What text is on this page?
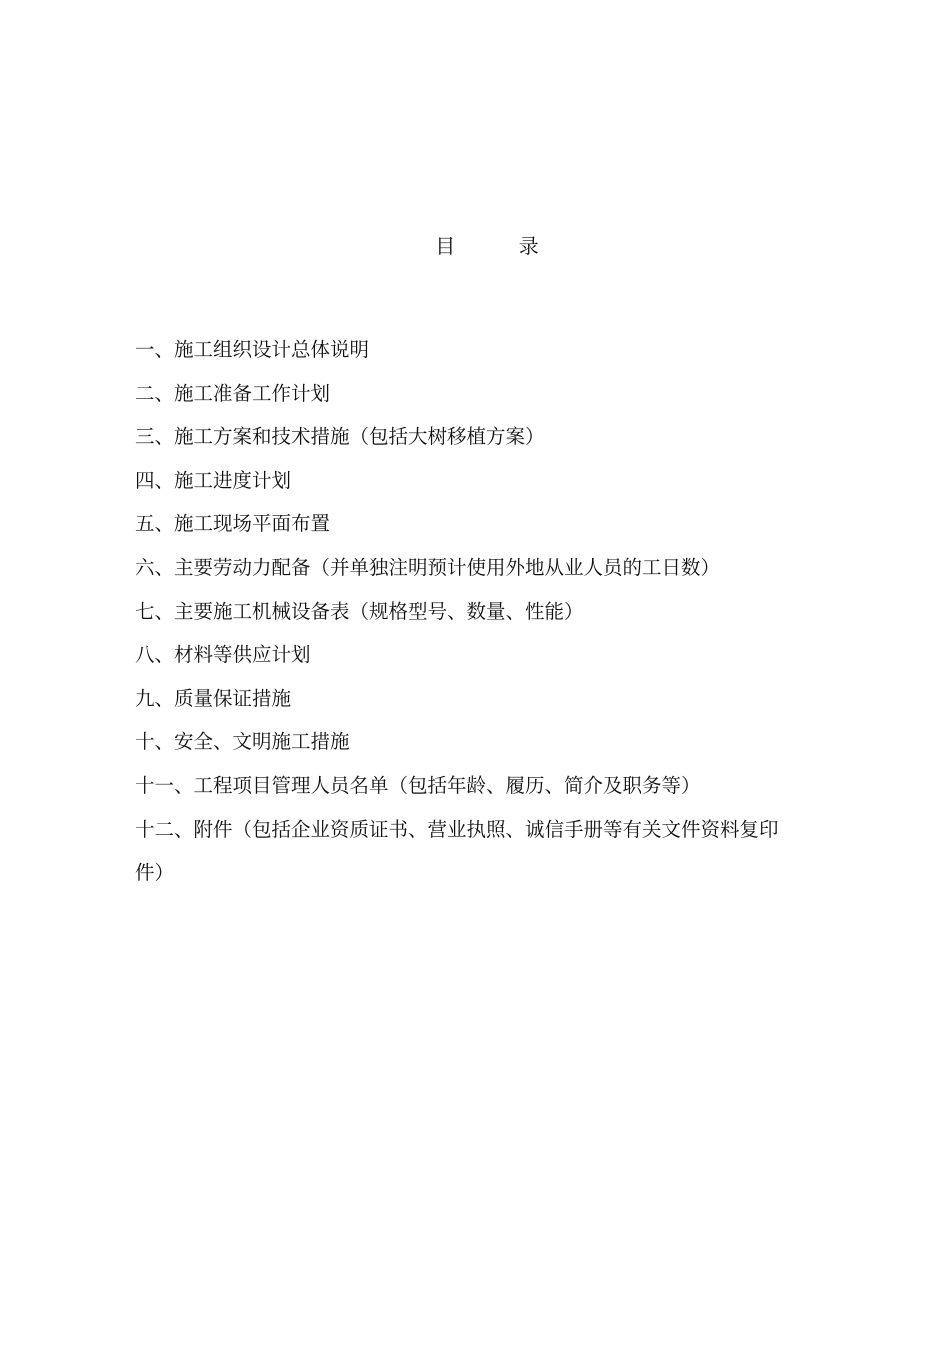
目          录
一、施工组织设计总体说明
二、施工准备工作计划
三、施工方案和技术措施（包括大树移植方案）
四、施工进度计划
五、施工现场平面布置
六、主要劳动力配备（并单独注明预计使用外地从业人员的工日数）
七、主要施工机械设备表（规格型号、数量、性能）
八、材料等供应计划
九、质量保证措施
十、安全、文明施工措施
十一、工程项目管理人员名单（包括年龄、履历、简介及职务等）
十二、附件（包括企业资质证书、营业执照、诚信手册等有关文件资料复印件）
